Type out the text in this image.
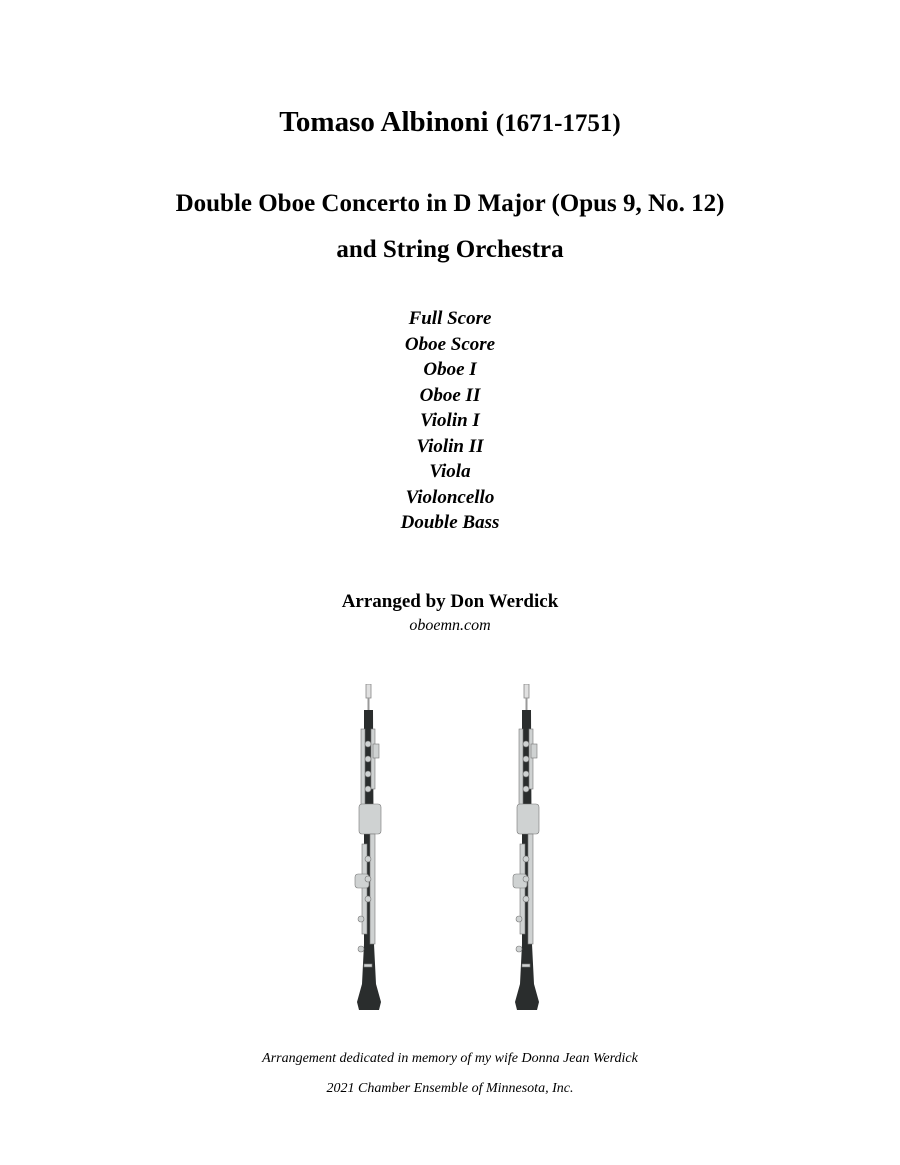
Tomaso Albinoni (1671-1751)
Double Oboe Concerto in D Major (Opus 9, No. 12)
and String Orchestra
Full Score
Oboe Score
Oboe I
Oboe II
Violin I
Violin II
Viola
Violoncello
Double Bass
Arranged by Don Werdick
oboemn.com
Arrangement dedicated in memory of my wife Donna Jean Werdick
2021 Chamber Ensemble of Minnesota, Inc.
